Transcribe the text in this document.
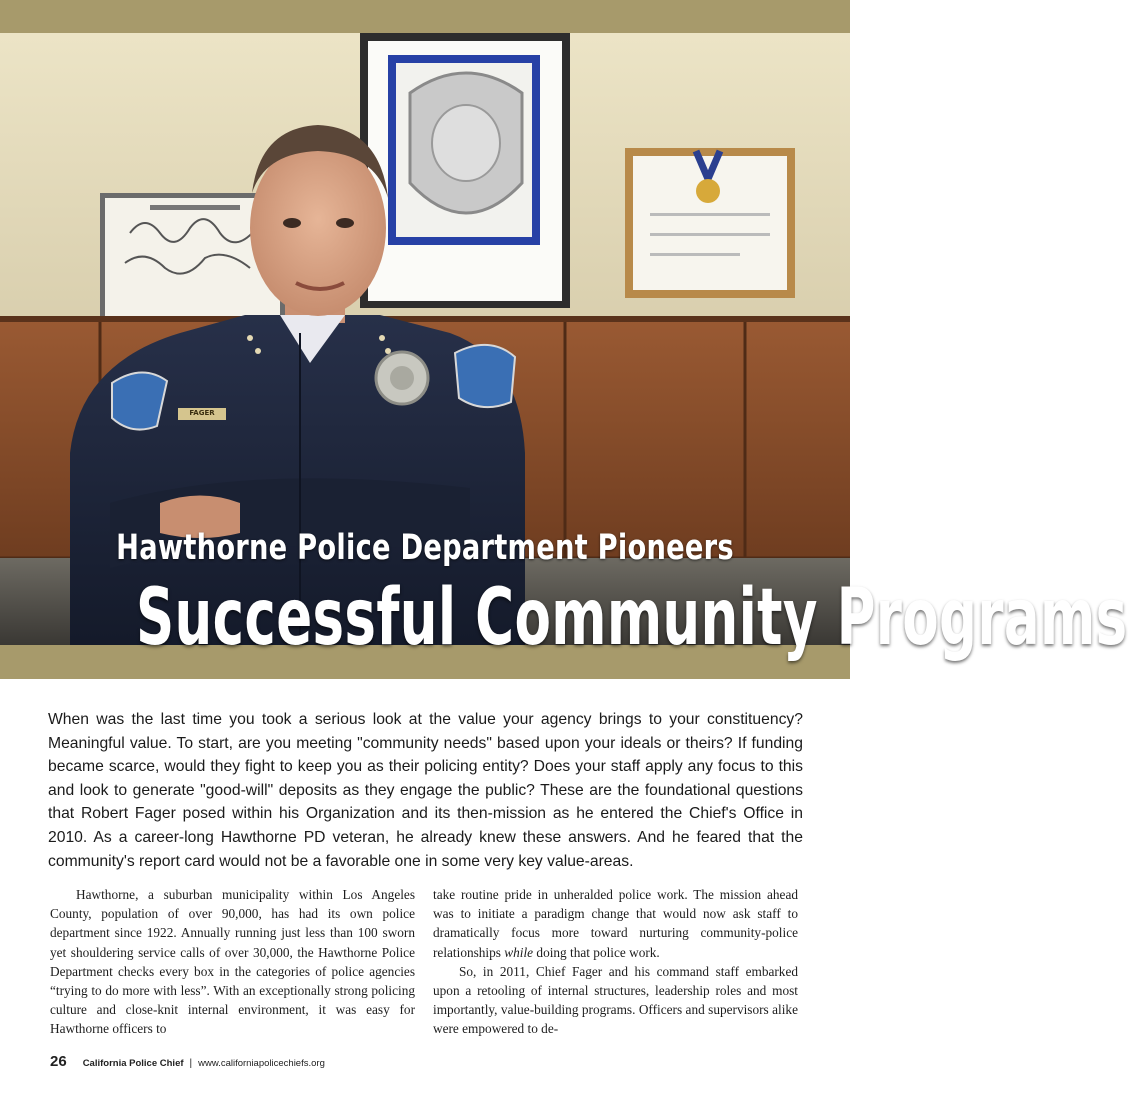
FAGER
Hawthorne Police Department Pioneers
Successful Community Programs

When was the last time you took a serious look at the value your agency brings to your constituency? Meaningful value. To start, are you meeting "community needs" based upon your ideals or theirs? If funding became scarce, would they fight to keep you as their policing entity? Does your staff apply any focus to this and look to generate "good-will" deposits as they engage the public? These are the foundational questions that Robert Fager posed within his Organization and its then-mission as he entered the Chief's Office in 2010. As a career-long Hawthorne PD veteran, he already knew these answers. And he feared that the community's report card would not be a favorable one in some very key value-areas.

Hawthorne, a suburban municipality within Los Angeles County, population of over 90,000, has had its own police department since 1922. Annually running just less than 100 sworn yet shouldering service calls of over 30,000, the Hawthorne Police Department checks every box in the categories of police agencies “trying to do more with less”. With an exceptionally strong policing culture and close-knit internal environment, it was easy for Hawthorne officers to

take routine pride in unheralded police work. The mission ahead was to initiate a paradigm change that would now ask staff to dramatically focus more toward nurturing community-police relationships while doing that police work.

So, in 2011, Chief Fager and his command staff embarked upon a retooling of internal structures, leadership roles and most importantly, value-building programs. Officers and supervisors alike were empowered to de-

26 California Police Chief | www.californiapolicechiefs.org
